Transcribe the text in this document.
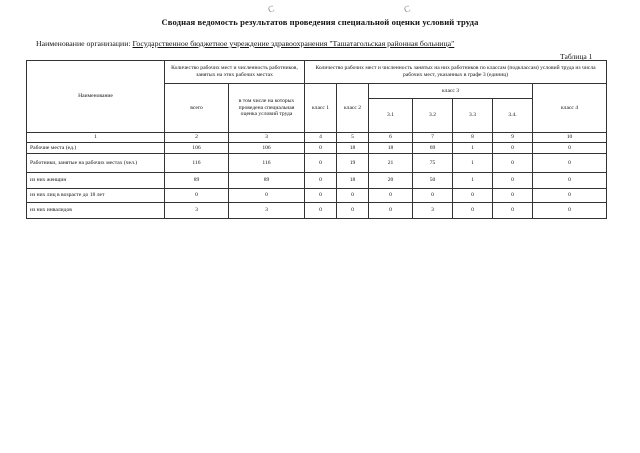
C	C
Сводная ведомость результатов проведения специальной оценки условий труда
Наименование организации: Государственное бюджетное учреждение здравоохранения "Ташатагольская районная больница"
Таблица 1
Наименование	Количество рабочих мест и численность работников, занятых на этих рабочих местах		Количество рабочих мест и численность занятых на них работников по классам (подклассам) условий труда из числа рабочих мест, указанных в графе 3 (единиц)						
	всего	в том числе на которых проведена специальная оценка условий труда	класс 1	класс 2	класс 3				класс 4
					3.1	3.2	3.3	3.4.	
1	2	3	4	5	6	7	8	9	10
Рабочие места (ед.)	106	106	0	18	18	69	1	0	0
Работники, занятые на рабочих местах (чел.)	116	116	0	19	21	75	1	0	0
из них женщин	89	89	0	18	20	50	1	0	0
из них лиц в возрасте до 18 лет	0	0	0	0	0	0	0	0	0
из них инвалидов	3	3	0	0	0	3	0	0	0
